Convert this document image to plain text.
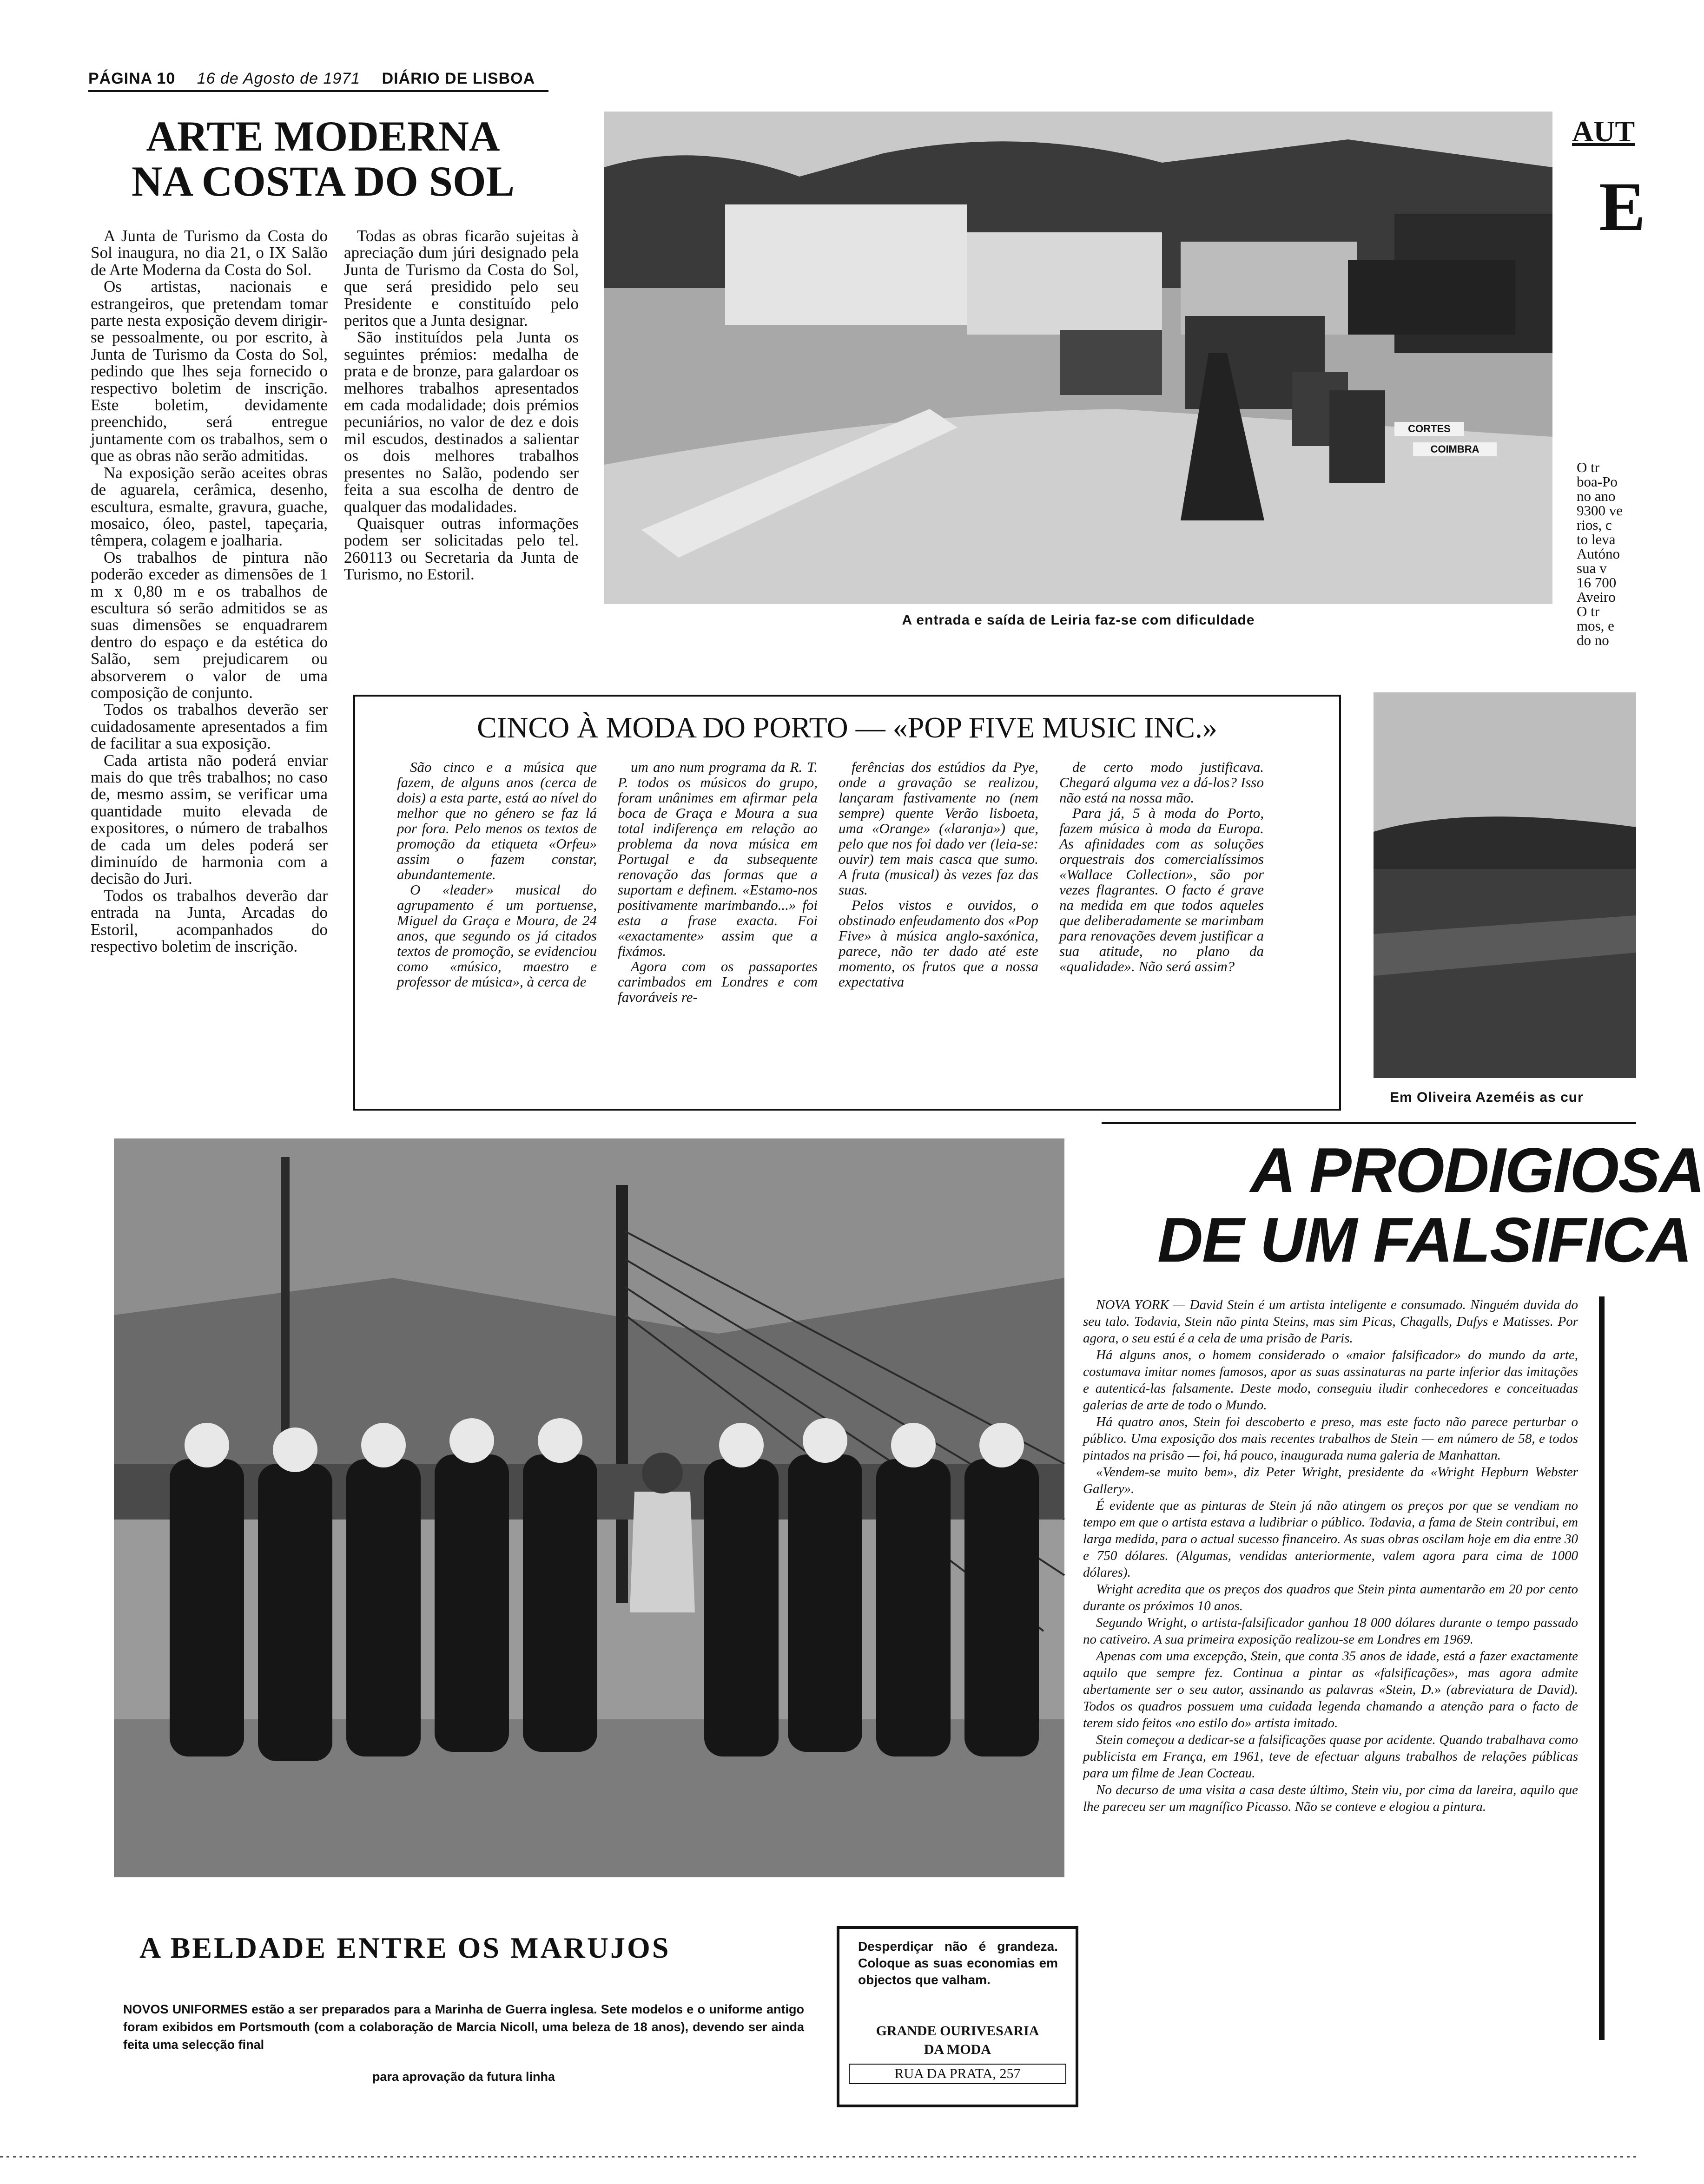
PÁGINA 10 16 de Agosto de 1971 DIÁRIO DE LISBOA
ARTE MODERNA
NA COSTA DO SOL

A Junta de Turismo da Costa do Sol inaugura, no dia 21, o IX Salão de Arte Moderna da Costa do Sol.

Os artistas, nacionais e estrangeiros, que pretendam tomar parte nesta exposição devem dirigir-se pessoalmente, ou por escrito, à Junta de Turismo da Costa do Sol, pedindo que lhes seja fornecido o respectivo boletim de inscrição. Este boletim, devidamente preenchido, será entregue juntamente com os trabalhos, sem o que as obras não serão admitidas.

Na exposição serão aceites obras de aguarela, cerâmica, desenho, escultura, esmalte, gravura, guache, mosaico, óleo, pastel, tapeçaria, têmpera, colagem e joalharia.

Os trabalhos de pintura não poderão exceder as dimensões de 1 m x 0,80 m e os trabalhos de escultura só serão admitidos se as suas dimensões se enquadrarem dentro do espaço e da estética do Salão, sem prejudicarem ou absorverem o valor de uma composição de conjunto.

Todos os trabalhos deverão ser cuidadosamente apresentados a fim de facilitar a sua exposição.

Cada artista não poderá enviar mais do que três trabalhos; no caso de, mesmo assim, se verificar uma quantidade muito elevada de expositores, o número de trabalhos de cada um deles poderá ser diminuído de harmonia com a decisão do Juri.

Todos os trabalhos deverão dar entrada na Junta, Arcadas do Estoril, acompanhados do respectivo boletim de inscrição.

Todas as obras ficarão sujeitas à apreciação dum júri designado pela Junta de Turismo da Costa do Sol, que será presidido pelo seu Presidente e constituído pelo peritos que a Junta designar.

São instituídos pela Junta os seguintes prémios: medalha de prata e de bronze, para galardoar os melhores trabalhos apresentados em cada modalidade; dois prémios pecuniários, no valor de dez e dois mil escudos, destinados a salientar os dois melhores trabalhos presentes no Salão, podendo ser feita a sua escolha de dentro de qualquer das modalidades.

Quaisquer outras informações podem ser solicitadas pelo tel. 260113 ou Secretaria da Junta de Turismo, no Estoril.

CORTES
COIMBRA
A entrada e saída de Leiria faz-se com dificuldade
AUT
E
O tr
boa-Po
no ano
9300 ve
rios, c
to leva
Autóno
sua v
16 700
Aveiro
O tr
mos, e
do no
CINCO À MODA DO PORTO — «POP FIVE MUSIC INC.»

São cinco e a música que fazem, de alguns anos (cerca de dois) a esta parte, está ao nível do melhor que no género se faz lá por fora. Pelo menos os textos de promoção da etiqueta «Orfeu» assim o fazem constar, abundantemente.

O «leader» musical do agrupamento é um portuense, Miguel da Graça e Moura, de 24 anos, que segundo os já citados textos de promoção, se evidenciou como «músico, maestro e professor de música», à cerca de

um ano num programa da R. T. P. todos os músicos do grupo, foram unânimes em afirmar pela boca de Graça e Moura a sua total indiferença em relação ao problema da nova música em Portugal e da subsequente renovação das formas que a suportam e definem. «Estamo-nos positivamente marimbando...» foi esta a frase exacta. Foi «exactamente» assim que a fixámos.

Agora com os passaportes carimbados em Londres e com favoráveis re-

ferências dos estúdios da Pye, onde a gravação se realizou, lançaram fastivamente no (nem sempre) quente Verão lisboeta, uma «Orange» («laranja») que, pelo que nos foi dado ver (leia-se: ouvir) tem mais casca que sumo. A fruta (musical) às vezes faz das suas.

Pelos vistos e ouvidos, o obstinado enfeudamento dos «Pop Five» à música anglo-saxónica, parece, não ter dado até este momento, os frutos que a nossa expectativa

de certo modo justificava. Chegará alguma vez a dá-los? Isso não está na nossa mão.

Para já, 5 à moda do Porto, fazem música à moda da Europa. As afinidades com as soluções orquestrais dos comercialíssimos «Wallace Collection», são por vezes flagrantes. O facto é grave na medida em que todos aqueles que deliberadamente se marimbam para renovações devem justificar a sua atitude, no plano da «qualidade». Não será assim?

Em Oliveira Azeméis as cur
A BELDADE ENTRE OS MARUJOS
NOVOS UNIFORMES estão a ser preparados para a Marinha de Guerra inglesa. Sete modelos e o uniforme antigo foram exibidos em Portsmouth (com a colaboração de Marcia Nicoll, uma beleza de 18 anos), devendo ser ainda feita uma selecção final
para aprovação da futura linha
Desperdiçar não é grandeza. Coloque as suas economias em objectos que valham.
GRANDE OURIVESARIA
DA MODA
RUA DA PRATA, 257
A PRODIGIOSA
DE UM FALSIFICA

NOVA YORK — David Stein é um artista inteligente e consumado. Ninguém duvida do seu talo. Todavia, Stein não pinta Steins, mas sim Picas, Chagalls, Dufys e Matisses. Por agora, o seu estú é a cela de uma prisão de Paris.

Há alguns anos, o homem considerado o «maior falsificador» do mundo da arte, costumava imitar nomes famosos, apor as suas assinaturas na parte inferior das imitações e autenticá-las falsamente. Deste modo, conseguiu iludir conhecedores e conceituadas galerias de arte de todo o Mundo.

Há quatro anos, Stein foi descoberto e preso, mas este facto não parece perturbar o público. Uma exposição dos mais recentes trabalhos de Stein — em número de 58, e todos pintados na prisão — foi, há pouco, inaugurada numa galeria de Manhattan.

«Vendem-se muito bem», diz Peter Wright, presidente da «Wright Hepburn Webster Gallery».

É evidente que as pinturas de Stein já não atingem os preços por que se vendiam no tempo em que o artista estava a ludibriar o público. Todavia, a fama de Stein contribui, em larga medida, para o actual sucesso financeiro. As suas obras oscilam hoje em dia entre 30 e 750 dólares. (Algumas, vendidas anteriormente, valem agora para cima de 1000 dólares).

Wright acredita que os preços dos quadros que Stein pinta aumentarão em 20 por cento durante os próximos 10 anos.

Segundo Wright, o artista-falsificador ganhou 18 000 dólares durante o tempo passado no cativeiro. A sua primeira exposição realizou-se em Londres em 1969.

Apenas com uma excepção, Stein, que conta 35 anos de idade, está a fazer exactamente aquilo que sempre fez. Continua a pintar as «falsificações», mas agora admite abertamente ser o seu autor, assinando as palavras «Stein, D.» (abreviatura de David). Todos os quadros possuem uma cuidada legenda chamando a atenção para o facto de terem sido feitos «no estilo do» artista imitado.

Stein começou a dedicar-se a falsificações quase por acidente. Quando trabalhava como publicista em França, em 1961, teve de efectuar alguns trabalhos de relações públicas para um filme de Jean Cocteau.

No decurso de uma visita a casa deste último, Stein viu, por cima da lareira, aquilo que lhe pareceu ser um magnífico Picasso. Não se conteve e elogiou a pintura.
